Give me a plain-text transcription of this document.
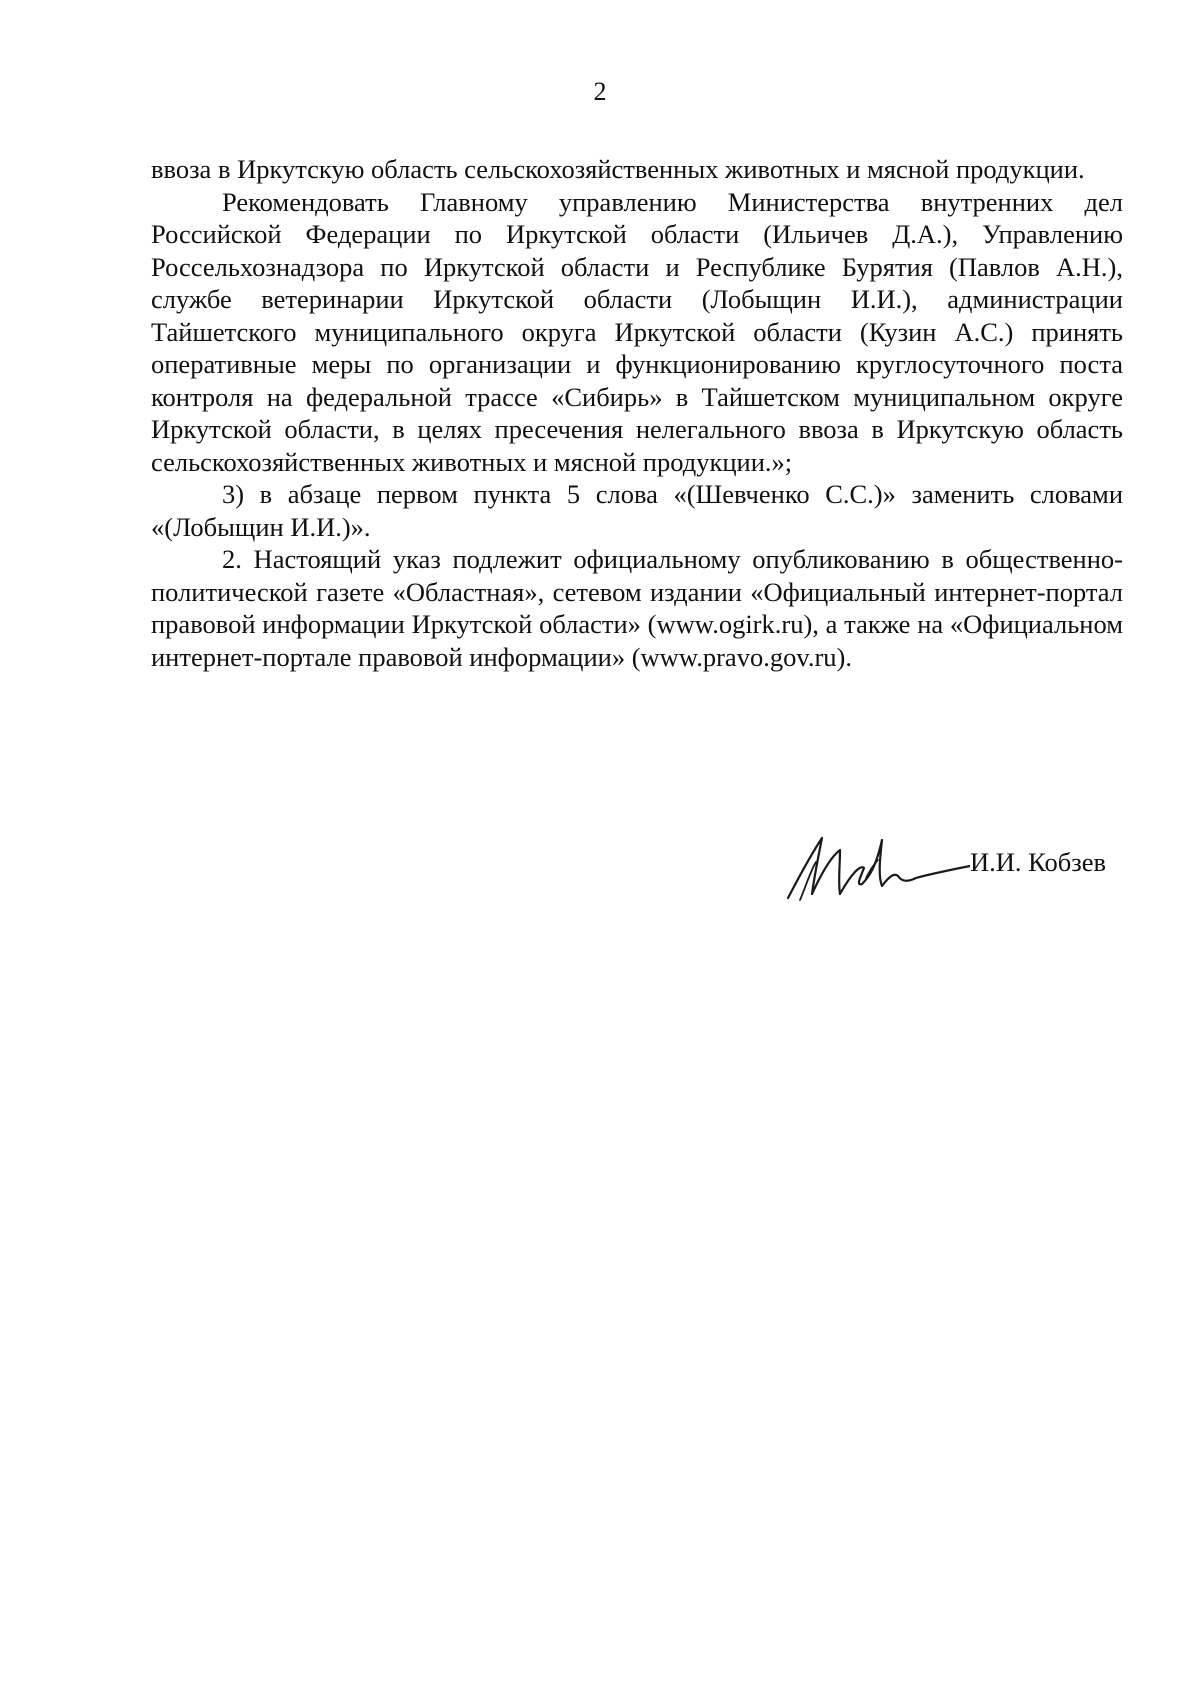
2

ввоза в Иркутскую область сельскохозяйственных животных и мясной продукции.

Рекомендовать Главному управлению Министерства внутренних дел Российской Федерации по Иркутской области (Ильичев Д.А.), Управлению Россельхознадзора по Иркутской области и Республике Бурятия (Павлов А.Н.), службе ветеринарии Иркутской области (Лобыщин И.И.), администрации Тайшетского муниципального округа Иркутской области (Кузин А.С.) принять оперативные меры по организации и функционированию круглосуточного поста контроля на федеральной трассе «Сибирь» в Тайшетском муниципальном округе Иркутской области, в целях пресечения нелегального ввоза в Иркутскую область сельскохозяйственных животных и мясной продукции.»;

3) в абзаце первом пункта 5 слова «(Шевченко С.С.)» заменить словами «(Лобыщин И.И.)».

2. Настоящий указ подлежит официальному опубликованию в общественно-политической газете «Областная», сетевом издании «Официальный интернет-портал правовой информации Иркутской области» (www.ogirk.ru), а также на «Официальном интернет-портале правовой информации» (www.pravo.gov.ru).

И.И. Кобзев
